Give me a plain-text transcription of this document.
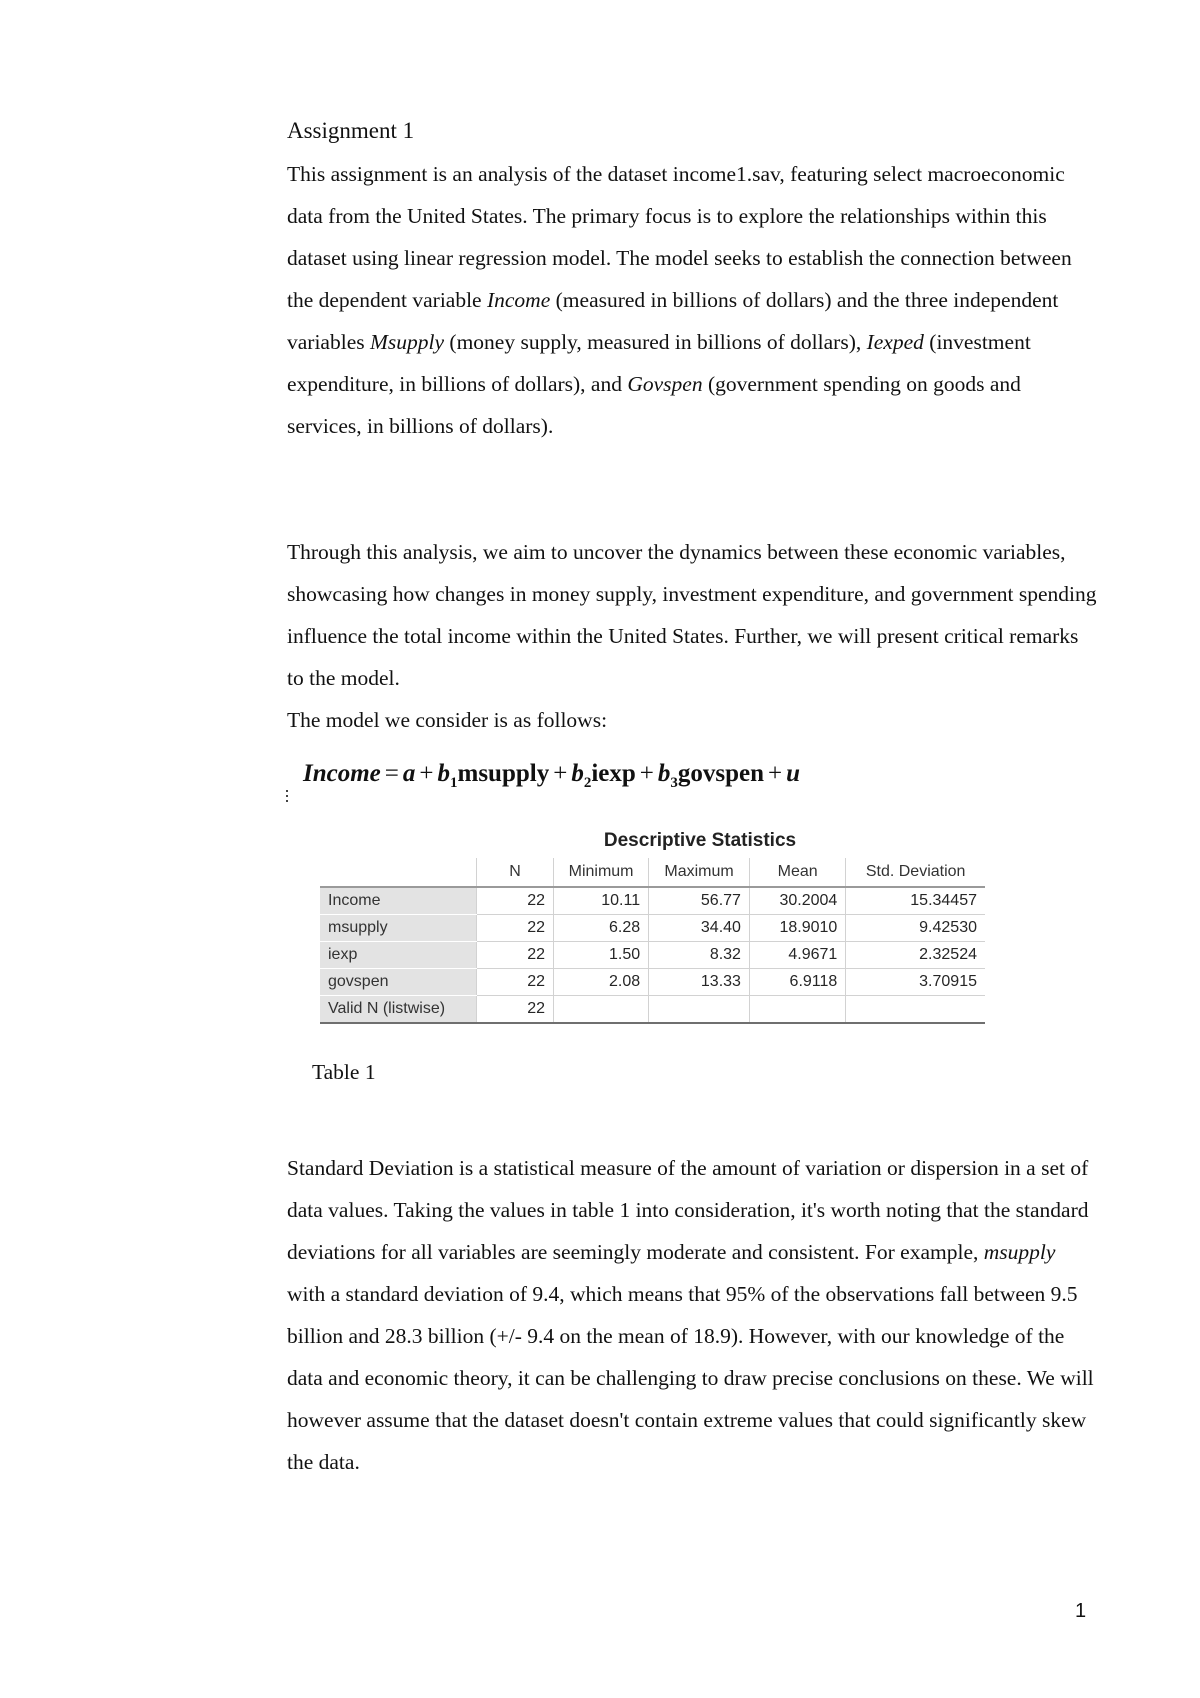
Assignment 1

This assignment is an analysis of the dataset income1.sav, featuring select macroeconomic data from the United States. The primary focus is to explore the relationships within this dataset using linear regression model. The model seeks to establish the connection between the dependent variable Income (measured in billions of dollars) and the three independent variables Msupply (money supply, measured in billions of dollars), Iexped (investment expenditure, in billions of dollars), and Govspen (government spending on goods and services, in billions of dollars).

Through this analysis, we aim to uncover the dynamics between these economic variables, showcasing how changes in money supply, investment expenditure, and government spending influence the total income within the United States. Further, we will present critical remarks to the model.

The model we consider is as follows:
Income = $a + b_1msupply + b_2iexp$ + $b_3govspen + u$
Descriptive Statistics
	N	Minimum	Maximum	Mean	Std. Deviation
Income	22	10.11	56.77	30.2004	15.34457
msupply	22	6.28	34.40	18.9010	9.42530
iexp	22	1.50	8.32	4.9671	2.32524
govspen	22	2.08	13.33	6.9118	3.70915
Valid N (listwise)	22				
Table 1

Standard Deviation is a statistical measure of the amount of variation or dispersion in a set of data values. Taking the values in table 1 into consideration, it's worth noting that the standard deviations for all variables are seemingly moderate and consistent. For example, msupply with a standard deviation of 9.4, which means that 95% of the observations fall between 9.5 billion and 28.3 billion (+/- 9.4 on the mean of 18.9). However, with our knowledge of the data and economic theory, it can be challenging to draw precise conclusions on these. We will however assume that the dataset doesn't contain extreme values that could significantly skew the data.

1
